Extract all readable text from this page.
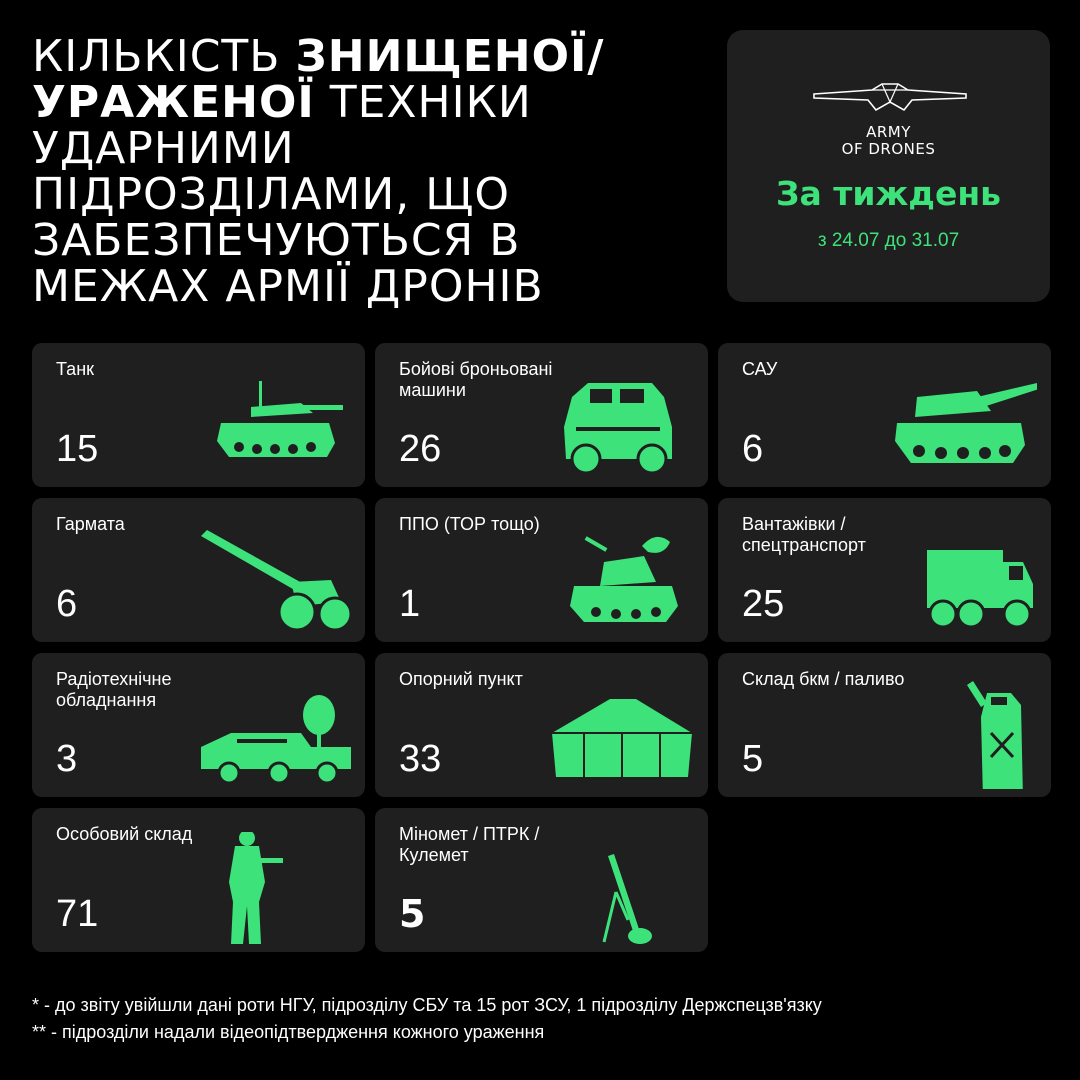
КІЛЬКІСТЬ ЗНИЩЕНОЇ/
УРАЖЕНОЇ ТЕХНІКИ
УДАРНИМИ
ПІДРОЗДІЛАМИ, ЩО
ЗАБЕЗПЕЧУЮТЬСЯ В
МЕЖАХ АРМІЇ ДРОНІВ
ARMY
OF DRONES
За тиждень
з 24.07 до 31.07
Танк
15
Бойові броньовані машини
26
САУ
6
Гармата
6
ППО (ТОР тощо)
1
Вантажівки / спецтранспорт
25
Радіотехнічне обладнання
3
Опорний пункт
33
Склад бкм / паливо
5
Особовий склад
71
Міномет / ПТРК /Кулемет
5
* - до звіту увійшли дані роти НГУ, підрозділу СБУ та 15 рот ЗСУ, 1 підрозділу Держспецзв'язку
** - підрозділи надали відеопідтвердження кожного ураження
